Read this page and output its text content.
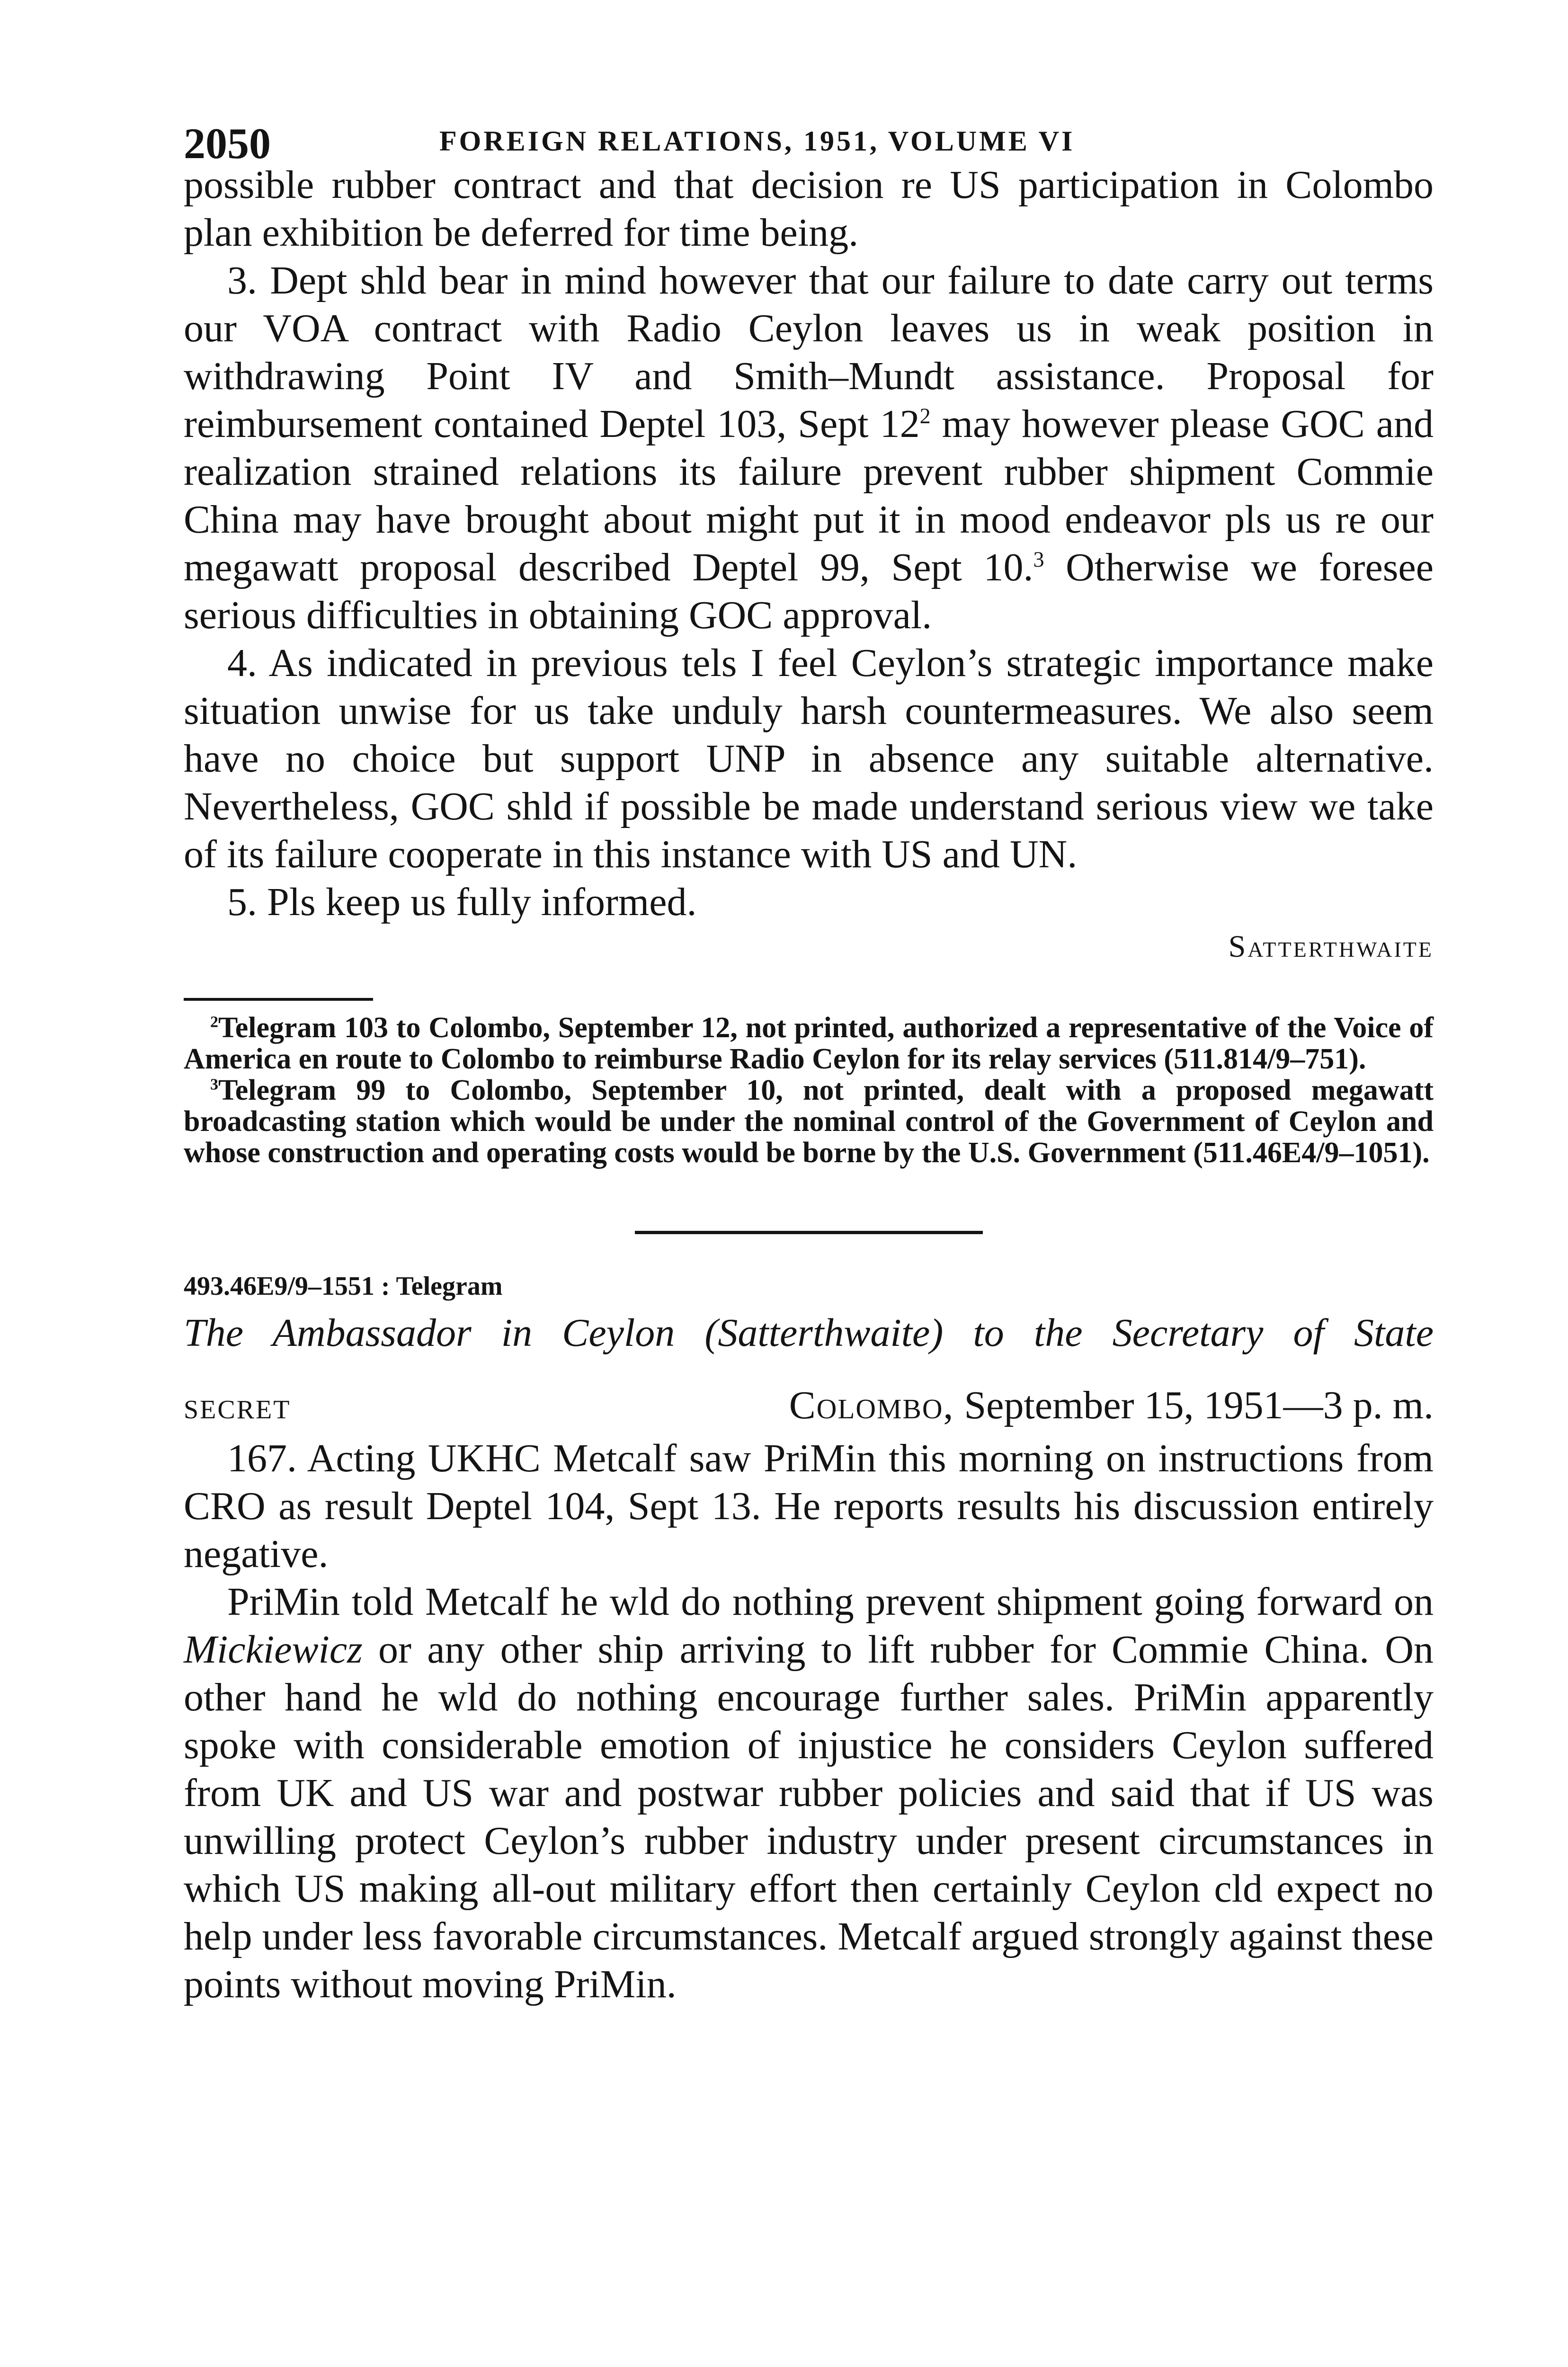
2050	FOREIGN RELATIONS, 1951, VOLUME VI

possible rubber contract and that decision re US participation in Colombo plan exhibition be deferred for time being.

3. Dept shld bear in mind however that our failure to date carry out terms our VOA contract with Radio Ceylon leaves us in weak position in withdrawing Point IV and Smith–Mundt assistance. Proposal for reimbursement contained Deptel 103, Sept $12^2$ may however please GOC and realization strained relations its failure prevent rubber shipment Commie China may have brought about might put it in mood endeavor pls us re our megawatt proposal described Deptel 99, Sept 10.$^3$ Otherwise we foresee serious difficulties in obtaining GOC approval.

4. As indicated in previous tels I feel Ceylon’s strategic importance make situation unwise for us take unduly harsh countermeasures. We also seem have no choice but support UNP in absence any suitable alternative. Nevertheless, GOC shld if possible be made understand serious view we take of its failure cooperate in this instance with US and UN.

5. Pls keep us fully informed.

Satterthwaite

$^2$Telegram 103 to Colombo, September 12, not printed, authorized a representative of the Voice of America en route to Colombo to reimburse Radio Ceylon for its relay services (511.814/9–751).

$^3$Telegram 99 to Colombo, September 10, not printed, dealt with a proposed megawatt broadcasting station which would be under the nominal control of the Government of Ceylon and whose construction and operating costs would be borne by the U.S. Government (511.46E4/9–1051).

493.46E9/9–1551 : Telegram
The Ambassador in Ceylon (Satterthwaite) to the Secretary of State
SECRET	Colombo, September 15, 1951—3 p. m.

167. Acting UKHC Metcalf saw PriMin this morning on instructions from CRO as result Deptel 104, Sept 13. He reports results his discussion entirely negative.

PriMin told Metcalf he wld do nothing prevent shipment going forward on Mickiewicz or any other ship arriving to lift rubber for Commie China. On other hand he wld do nothing encourage further sales. PriMin apparently spoke with considerable emotion of injustice he considers Ceylon suffered from UK and US war and postwar rubber policies and said that if US was unwilling protect Ceylon’s rubber industry under present circumstances in which US making all-out military effort then certainly Ceylon cld expect no help under less favorable circumstances. Metcalf argued strongly against these points without moving PriMin.
